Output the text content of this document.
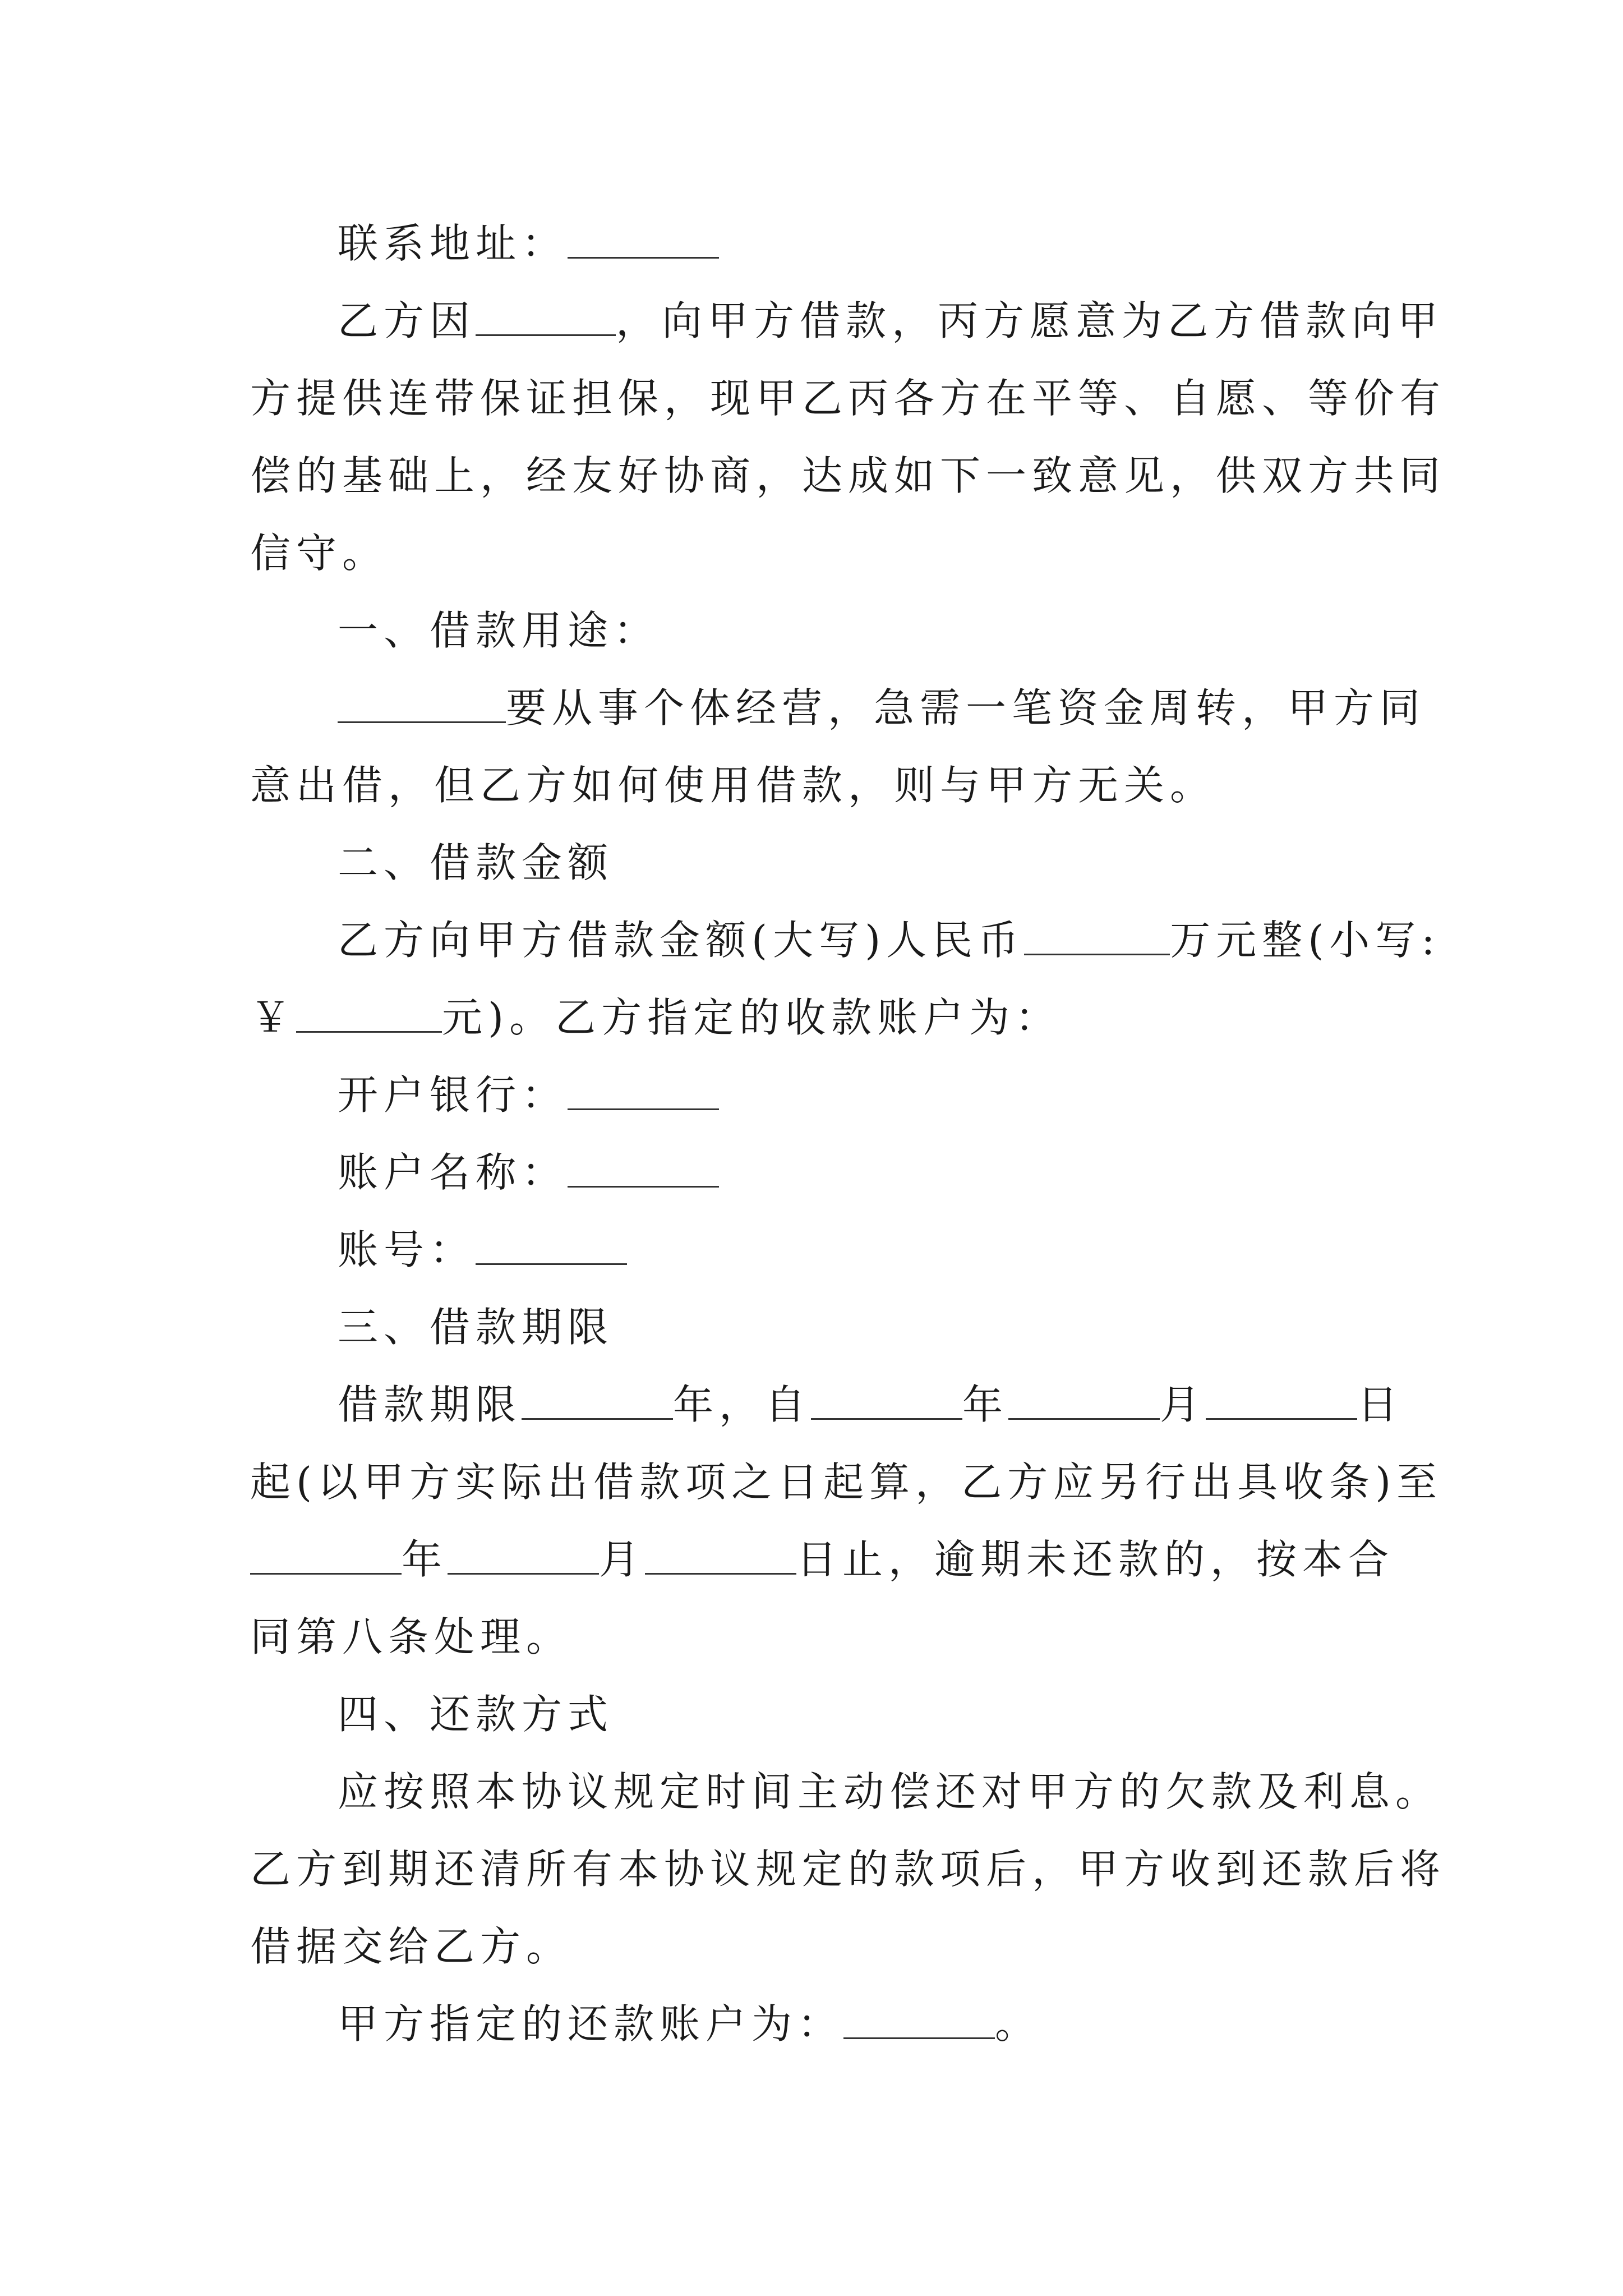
联系地址：
乙方因	，向甲方借款，丙方愿意为乙方借款向甲
方提供连带保证担保，现甲乙丙各方在平等、自愿、等价有
偿的基础上，经友好协商，达成如下一致意见，供双方共同
信守。
一、借款用途：
要从事个体经营，急需一笔资金周转，甲方同
意出借，但乙方如何使用借款，则与甲方无关。
二、借款金额
乙方向甲方借款金额(大写)人民币	万元整(小写:
￥	元)。乙方指定的收款账户为：
开户银行：
账户名称：
账号：
三、借款期限
借款期限	年，自	年	月	日
起(以甲方实际出借款项之日起算，乙方应另行出具收条)至
年	月	日止，逾期未还款的，按本合
同第八条处理。
四、还款方式
应按照本协议规定时间主动偿还对甲方的欠款及利息。
乙方到期还清所有本协议规定的款项后，甲方收到还款后将
借据交给乙方。
甲方指定的还款账户为：	。
